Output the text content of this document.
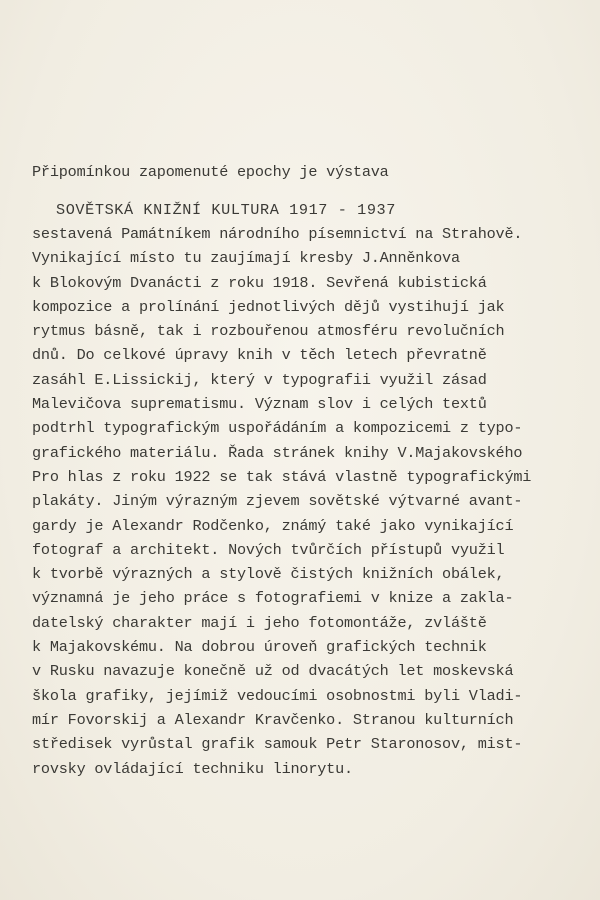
Připomínkou zapomenuté epochy je výstava

SOVĚTSKÁ KNIŽNÍ KULTURA 1917 - 1937

sestavená Památníkem národního písemnictví na Strahově.
Vynikající místo tu zaujímají kresby J.Anněnkova
k Blokovým Dvanácti z roku 1918. Sevřená kubistická
kompozice a prolínání jednotlivých dějů vystihují jak
rytmus básně, tak i rozbouřenou atmosféru revolučních
dnů. Do celkové úpravy knih v těch letech převratně
zasáhl E.Lissickij, který v typografii využil zásad
Malevičova suprematismu. Význam slov i celých textů
podtrhl typografickým uspořádáním a kompozicemi z typo-
grafického materiálu. Řada stránek knihy V.Majakovského
Pro hlas z roku 1922 se tak stává vlastně typografickými
plakáty. Jiným výrazným zjevem sovětské výtvarné avant-
gardy je Alexandr Rodčenko, známý také jako vynikající
fotograf a architekt. Nových tvůrčích přístupů využil
k tvorbě výrazných a stylově čistých knižních obálek,
významná je jeho práce s fotografiemi v knize a zakla-
datelský charakter mají i jeho fotomontáže, zvláště
k Majakovskému. Na dobrou úroveň grafických technik
v Rusku navazuje konečně už od dvacátých let moskevská
škola grafiky, jejímiž vedoucími osobnostmi byli Vladi-
mír Fovorskij a Alexandr Kravčenko. Stranou kulturních
středisek vyrůstal grafik samouk Petr Staronosov, mist-
rovsky ovládající techniku linorytu.
